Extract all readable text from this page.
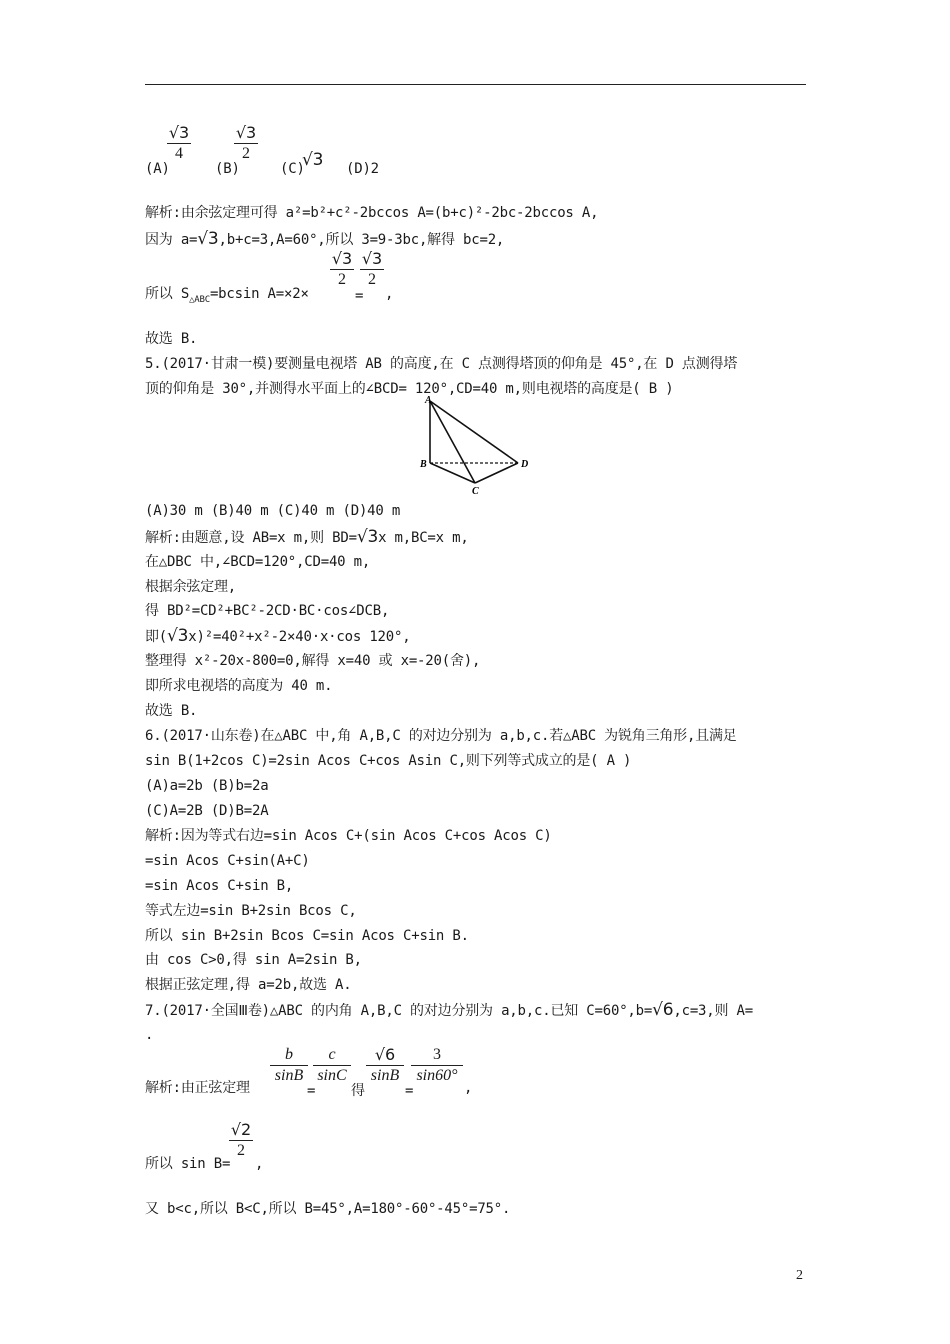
(A)
√3
4
(B)
√3
2
(C)
√3 (D)2
解析:由余弦定理可得 a²=b²+c²-2bccos A=(b+c)²-2bc-2bccos A,
因为 a=√3,b+c=3,A=60°,所以 3=9-3bc,解得 bc=2,
所以 $S_{\triangle ABC}=bcsin$ A=×2×
√3
2
=
√3
2
,
故选 B.
5.(2017·甘肃一模)要测量电视塔 AB 的高度,在 C 点测得塔顶的仰角是 45°,在 D 点测得塔
顶的仰角是 30°,并测得水平面上的∠BCD= 120°,CD=40 m,则电视塔的高度是( B )
A
B
C
D
(A)30 m (B)40 m (C)40 m (D)40 m
解析:由题意,设 AB=x m,则 BD=√3x m,BC=x m,
在△DBC 中,∠BCD=120°,CD=40 m,
根据余弦定理,
得 BD²=CD²+BC²-2CD·BC·cos∠DCB,
即(√3x)²=40²+x²-2×40·x·cos 120°,
整理得 x²-20x-800=0,解得 x=40 或 x=-20(舍),
即所求电视塔的高度为 40 m.
故选 B.
6.(2017·山东卷)在△ABC 中,角 A,B,C 的对边分别为 a,b,c.若△ABC 为锐角三角形,且满足
sin B(1+2cos C)=2sin Acos C+cos Asin C,则下列等式成立的是( A )
(A)a=2b (B)b=2a
(C)A=2B (D)B=2A
解析:因为等式右边=sin Acos C+(sin Acos C+cos Acos C)
=sin Acos C+sin(A+C)
=sin Acos C+sin B,
等式左边=sin B+2sin Bcos C,
所以 sin B+2sin Bcos C=sin Acos C+sin B.
由 cos C>0,得 sin A=2sin B,
根据正弦定理,得 a=2b,故选 A.
7.(2017·全国Ⅲ卷)△ABC 的内角 A,B,C 的对边分别为 a,b,c.已知 C=60°,b=√6,c=3,则 A=
.
解析:由正弦定理
b
sinB
=
c
sinC
得
√6
sinB
=
3
sin60°
,
所以 sin B=
√2
2
,
又 b<c,所以 B<C,所以 B=45°,A=180°-60°-45°=75°.
2
